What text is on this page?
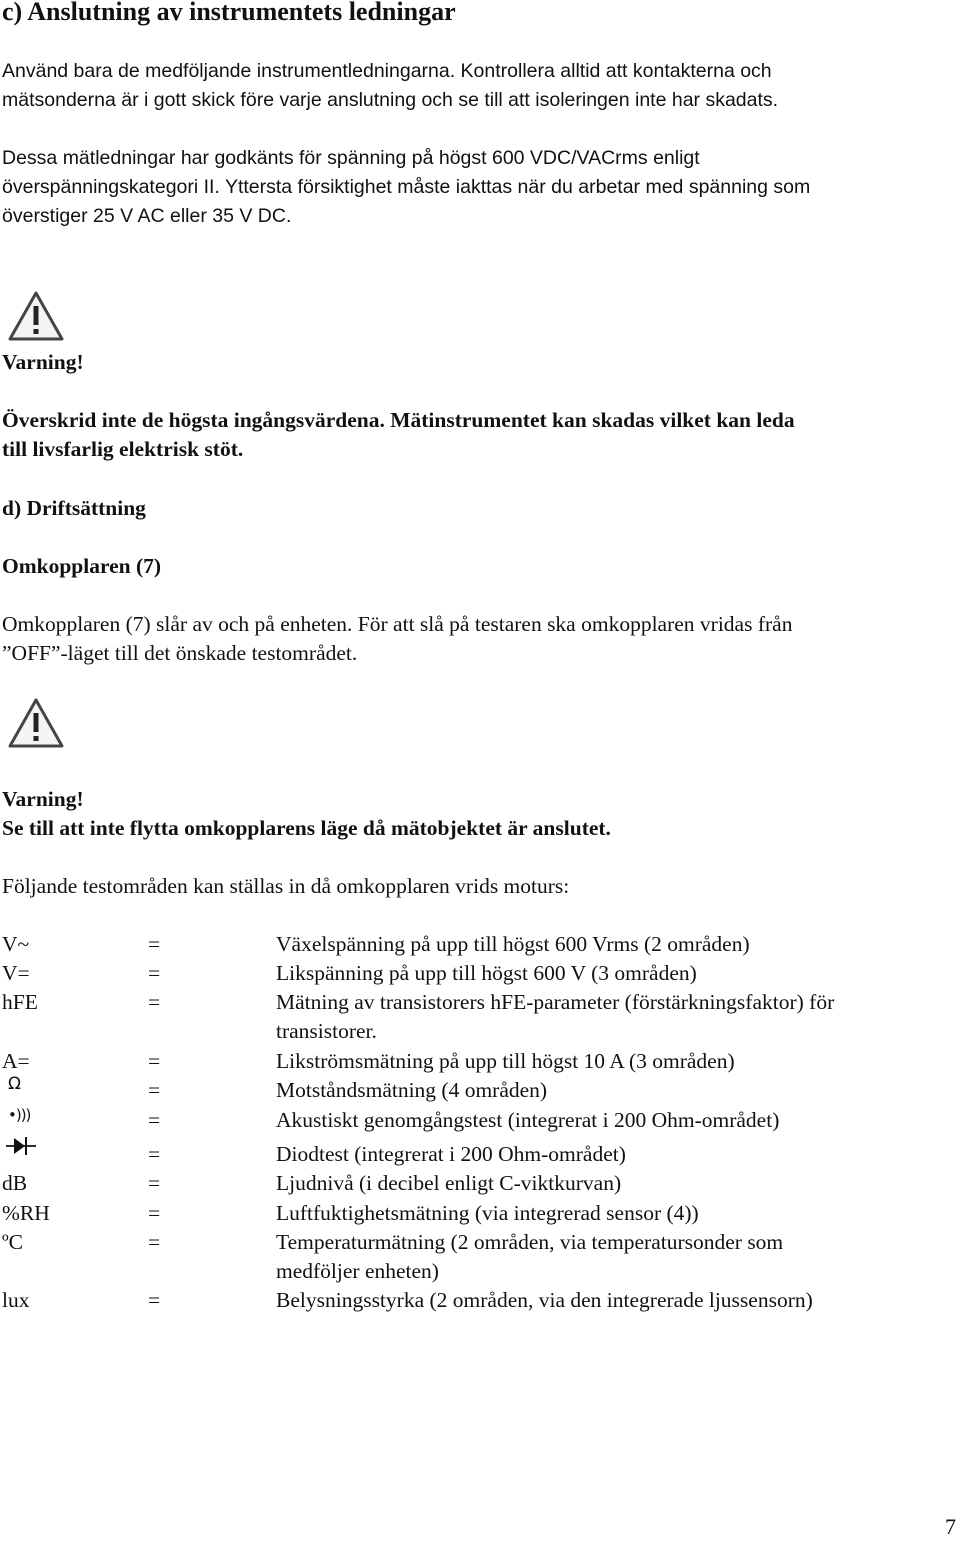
c) Anslutning av instrumentets ledningar
Använd bara de medföljande instrumentledningarna. Kontrollera alltid att kontakterna och
mätsonderna är i gott skick före varje anslutning och se till att isoleringen inte har skadats.
Dessa mätledningar har godkänts för spänning på högst 600 VDC/VACrms enligt
överspänningskategori II. Yttersta försiktighet måste iakttas när du arbetar med spänning som
överstiger 25 V AC eller 35 V DC.
Varning!
Överskrid inte de högsta ingångsvärdena. Mätinstrumentet kan skadas vilket kan leda
till livsfarlig elektrisk stöt.
d) Driftsättning
Omkopplaren (7)
Omkopplaren (7) slår av och på enheten. För att slå på testaren ska omkopplaren vridas från
”OFF”-läget till det önskade testområdet.
Varning!
Se till att inte flytta omkopplarens läge då mätobjektet är anslutet.
Följande testområden kan ställas in då omkopplaren vrids moturs:
V~	=	Växelspänning på upp till högst 600 Vrms (2 områden)
V=	=	Likspänning på upp till högst 600 V (3 områden)
hFE	=	Mätning av transistorers hFE-parameter (förstärkningsfaktor) för
transistorer.
A=	=	Likströmsmätning på upp till högst 10 A (3 områden)
Ω	=	Motståndsmätning (4 områden)
•)))	=	Akustiskt genomgångstest (integrerat i 200 Ohm-området)
=	Diodtest (integrerat i 200 Ohm-området)
dB	=	Ljudnivå (i decibel enligt C-viktkurvan)
%RH	=	Luftfuktighetsmätning (via integrerad sensor (4))
ºC	=	Temperaturmätning (2 områden, via temperatursonder som
medföljer enheten)
lux	=	Belysningsstyrka (2 områden, via den integrerade ljussensorn)
7
